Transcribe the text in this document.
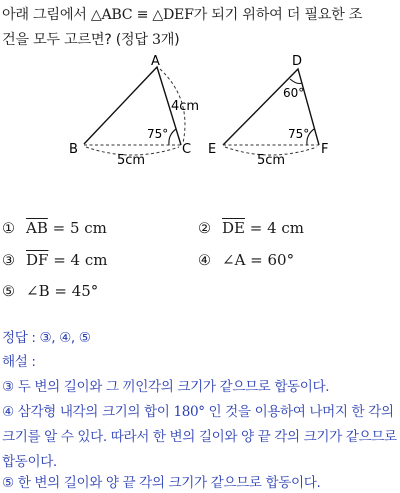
아래 그림에서 △ABC ≡ △DEF가 되기 위하여 더 필요한 조
건을 모두 고르면? (정답 3개)
A
B	C
4cm
5cm
75°
D
E	F
60°
5cm
75°
① $\overline{AB} = 5$ cm	② $\overline{DE} = 4$ cm
③ $\overline{DF} = 4$ cm	④ ∠A = 60°
⑤ ∠B = 45°
정답 : ③, ④, ⑤
해설 :
③ 두 변의 길이와 그 끼인각의 크기가 같으므로 합동이다.
④ 삼각형 내각의 크기의 합이 180° 인 것을 이용하여 나머지 한 각의
크기를 알 수 있다. 따라서 한 변의 길이와 양 끝 각의 크기가 같으므로
합동이다.
⑤ 한 변의 길이와 양 끝 각의 크기가 같으므로 합동이다.
